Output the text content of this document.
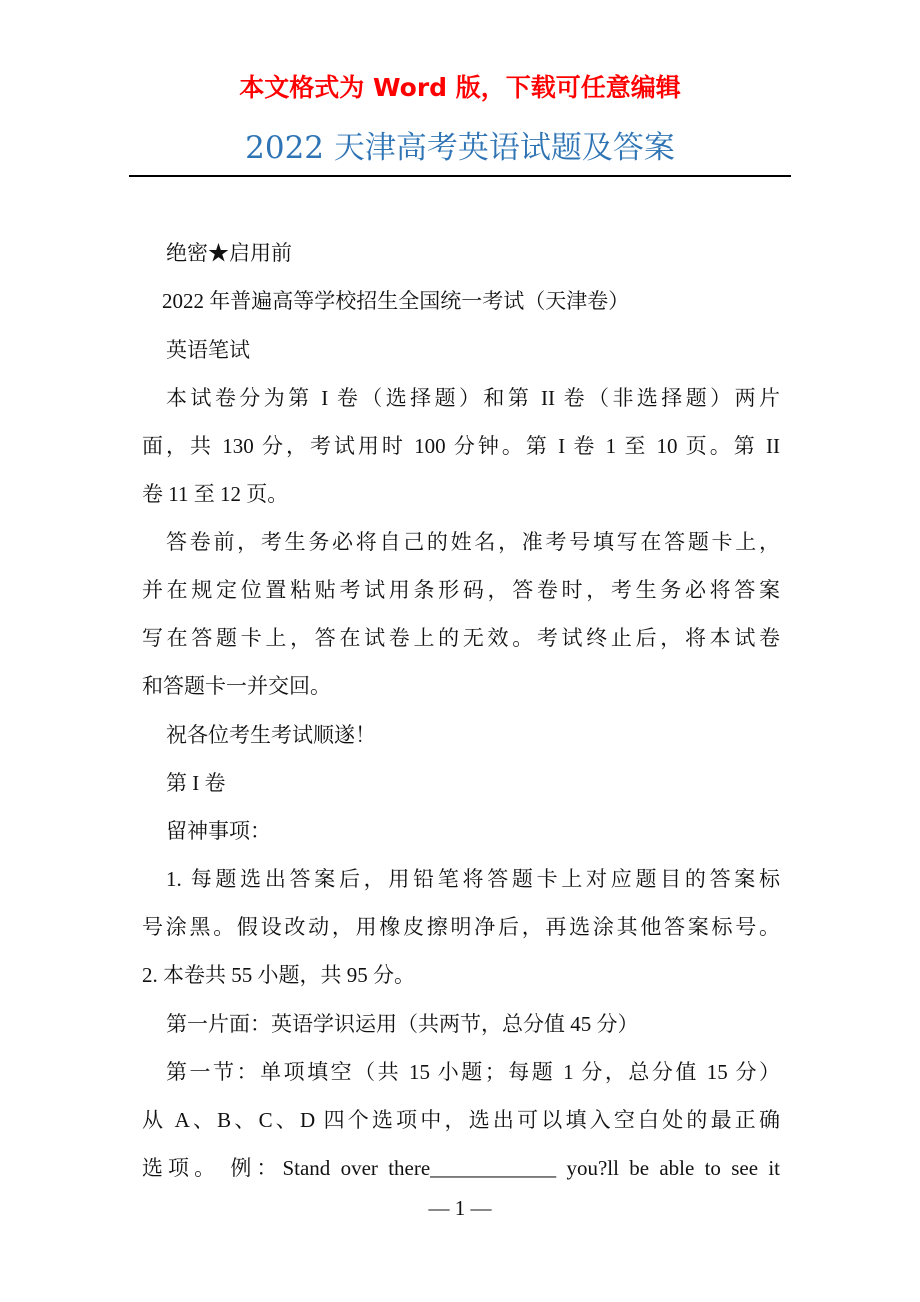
本文格式为 Word 版，下载可任意编辑
2022 天津高考英语试题及答案
绝密★启用前
2022 年普遍高等学校招生全国统一考试（天津卷）
英语笔试
本试卷分为第 I 卷（选择题）和第 II 卷（非选择题）两片
面，共 130 分，考试用时 100 分钟。第 I 卷 1 至 10 页。第 II
卷 11 至 12 页。
答卷前，考生务必将自己的姓名，准考号填写在答题卡上，
并在规定位置粘贴考试用条形码，答卷时，考生务必将答案
写在答题卡上，答在试卷上的无效。考试终止后，将本试卷
和答题卡一并交回。
祝各位考生考试顺遂！
第 I 卷
留神事项：
1. 每题选出答案后，用铅笔将答题卡上对应题目的答案标
号涂黑。假设改动，用橡皮擦明净后，再选涂其他答案标号。
2. 本卷共 55 小题，共 95 分。
第一片面：英语学识运用（共两节，总分值 45 分）
第一节：单项填空（共 15 小题；每题 1 分，总分值 15 分）
从 A、B、C、D 四个选项中，选出可以填入空白处的最正确
选项。 例：Stand over there____________ you?ll be able to see it
— 1 —
